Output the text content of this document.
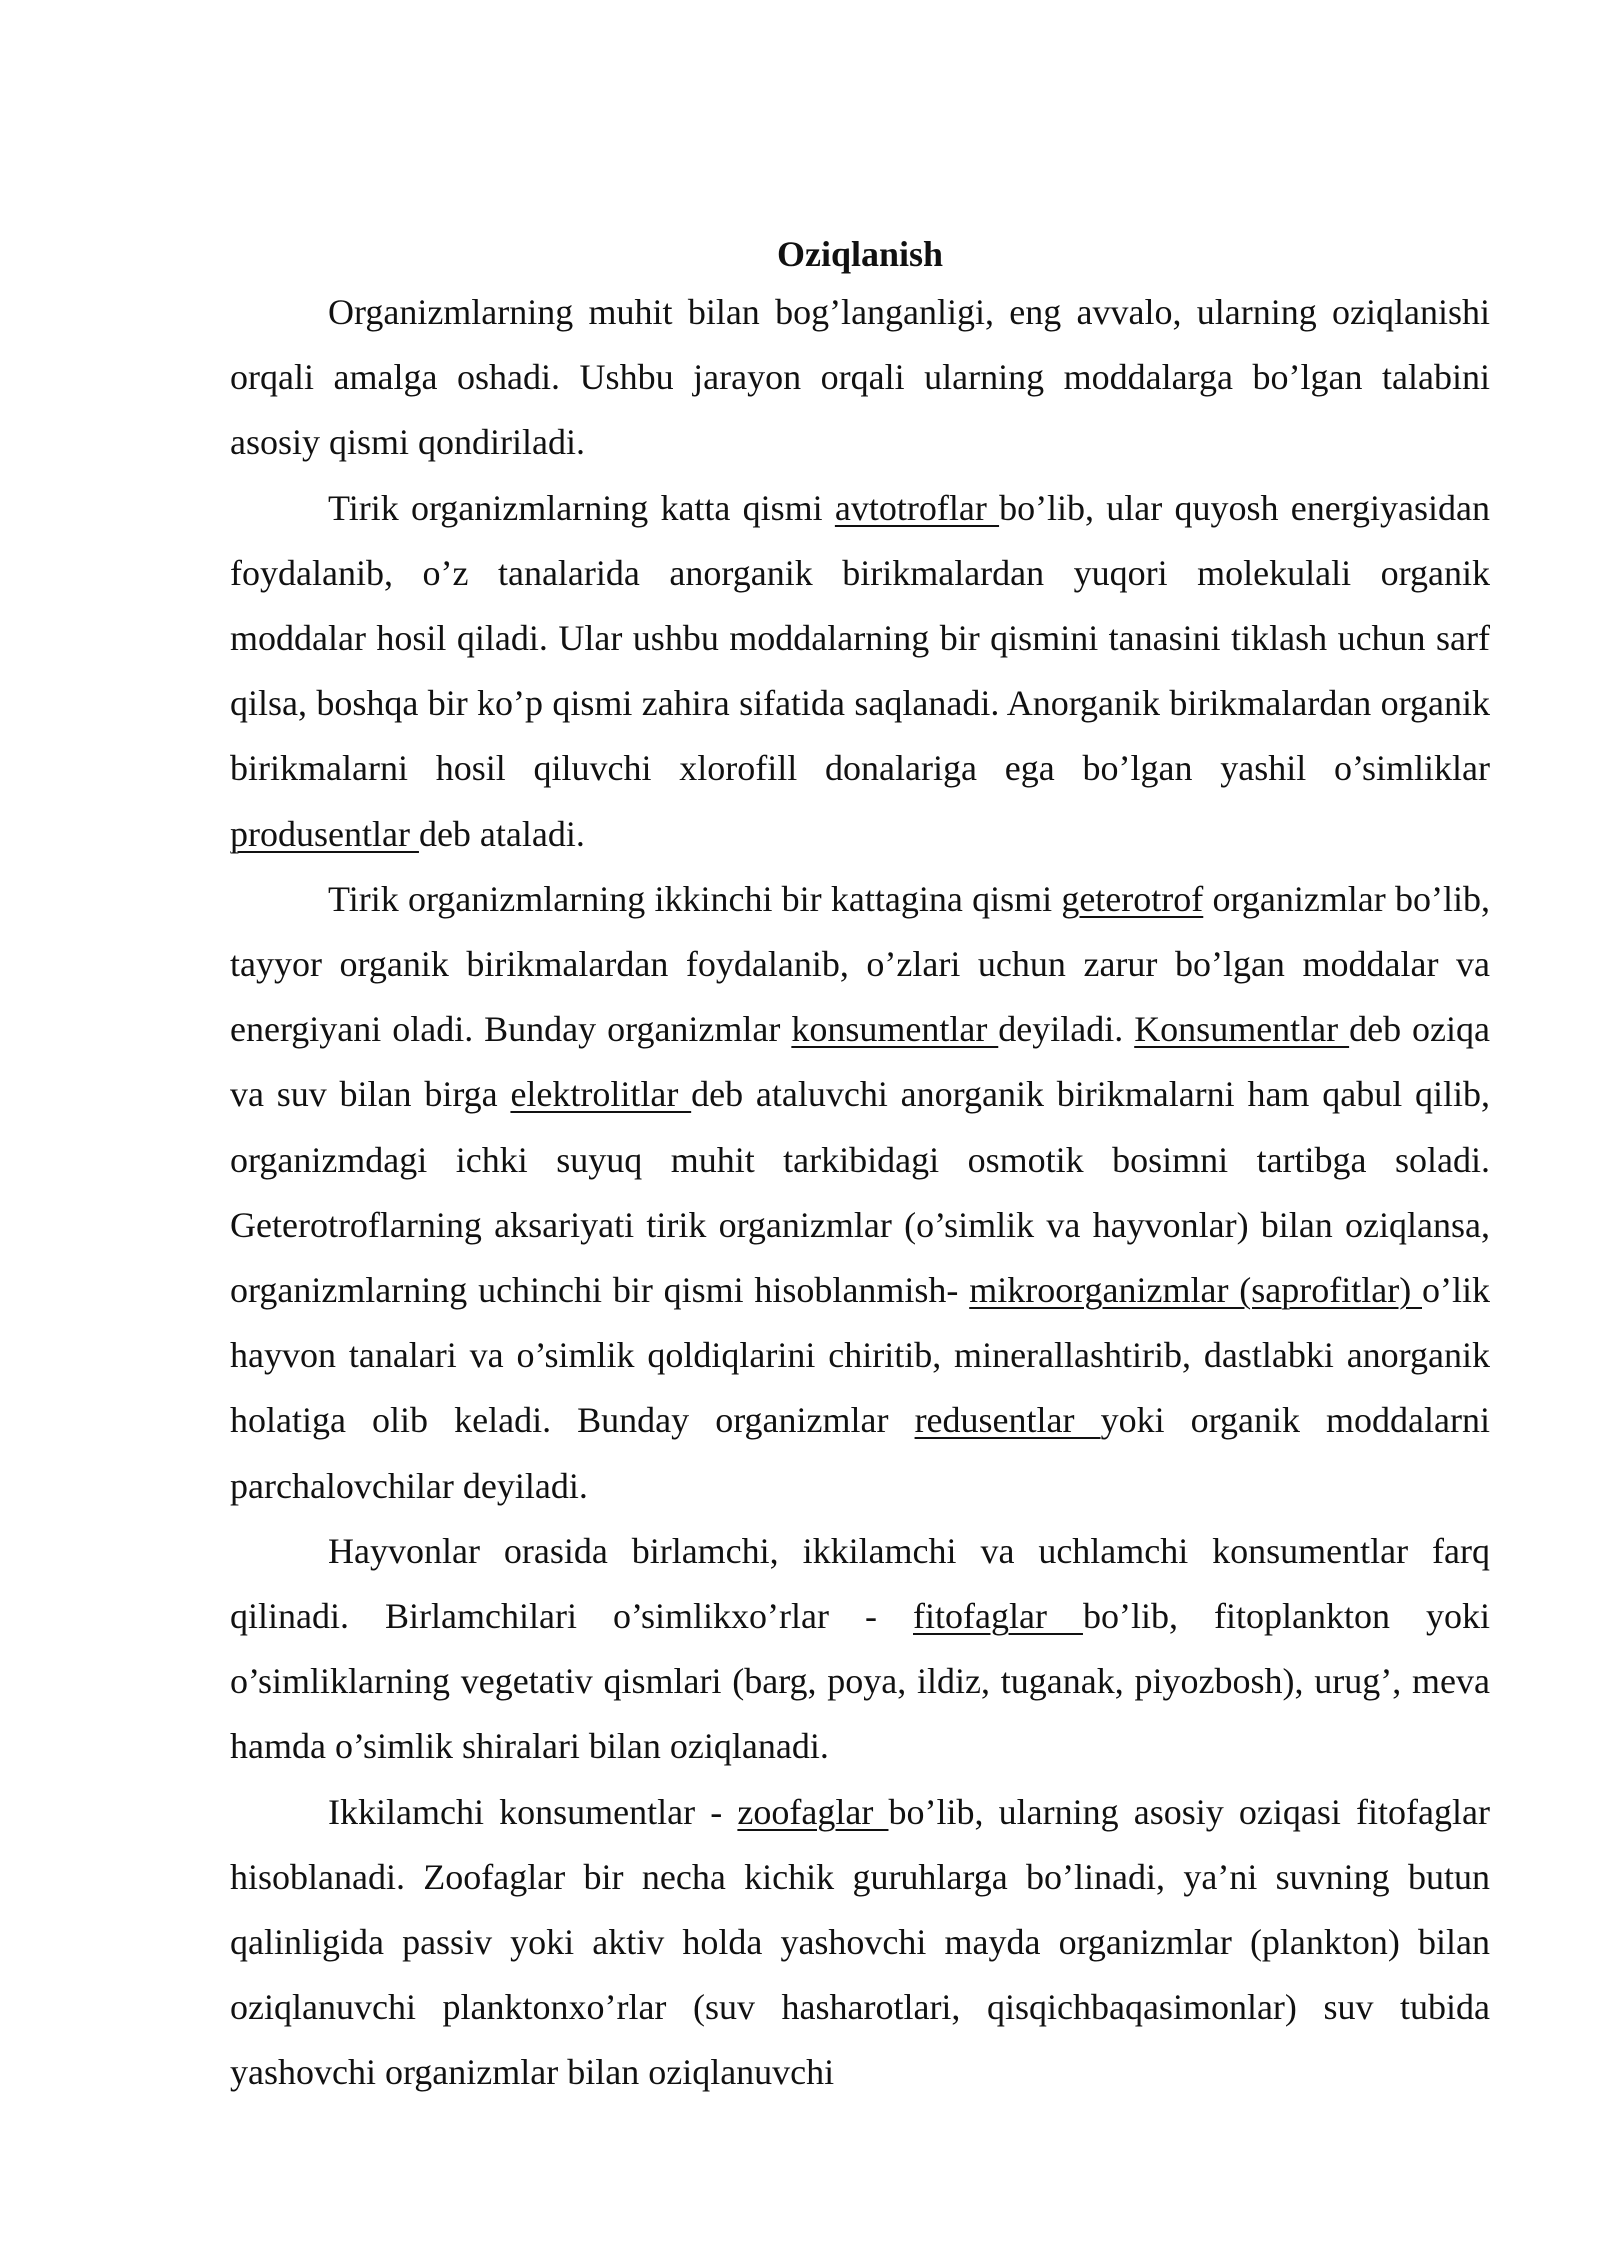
Oziqlanish

Organizmlarning muhit bilan bog’langanligi, eng avvalo, ularning oziqlanishi orqali amalga oshadi. Ushbu jarayon orqali ularning moddalarga bo’lgan talabini asosiy qismi qondiriladi.

Tirik organizmlarning katta qismi avtotroflar bo’lib, ular quyosh energiyasidan foydalanib, o’z tanalarida anorganik birikmalardan yuqori molekulali organik moddalar hosil qiladi. Ular ushbu moddalarning bir qismini tanasini tiklash uchun sarf qilsa, boshqa bir ko’p qismi zahira sifatida saqlanadi. Anorganik birikmalardan organik birikmalarni hosil qiluvchi xlorofill donalariga ega bo’lgan yashil o’simliklar produsentlar deb ataladi.

Tirik organizmlarning ikkinchi bir kattagina qismi geterotrof organizmlar bo’lib, tayyor organik birikmalardan foydalanib, o’zlari uchun zarur bo’lgan moddalar va energiyani oladi. Bunday organizmlar konsumentlar deyiladi. Konsumentlar deb oziqa va suv bilan birga elektrolitlar deb ataluvchi anorganik birikmalarni ham qabul qilib, organizmdagi ichki suyuq muhit tarkibidagi osmotik bosimni tartibga soladi. Geterotroflarning aksariyati tirik organizmlar (o’simlik va hayvonlar) bilan oziqlansa, organizmlarning uchinchi bir qismi hisoblanmish- mikroorganizmlar (saprofitlar) o’lik hayvon tanalari va o’simlik qoldiqlarini chiritib, minerallashtirib, dastlabki anorganik holatiga olib keladi. Bunday organizmlar redusentlar yoki organik moddalarni parchalovchilar deyiladi.

Hayvonlar orasida birlamchi, ikkilamchi va uchlamchi konsumentlar farq qilinadi. Birlamchilari o’simlikxo’rlar - fitofaglar bo’lib, fitoplankton yoki o’simliklarning vegetativ qismlari (barg, poya, ildiz, tuganak, piyozbosh), urug’, meva hamda o’simlik shiralari bilan oziqlanadi.

Ikkilamchi konsumentlar - zoofaglar bo’lib, ularning asosiy oziqasi fitofaglar hisoblanadi. Zoofaglar bir necha kichik guruhlarga bo’linadi, ya’ni suvning butun qalinligida passiv yoki aktiv holda yashovchi mayda organizmlar (plankton) bilan oziqlanuvchi planktonxo’rlar (suv hasharotlari, qisqichbaqasimonlar) suv tubida yashovchi organizmlar bilan oziqlanuvchi
